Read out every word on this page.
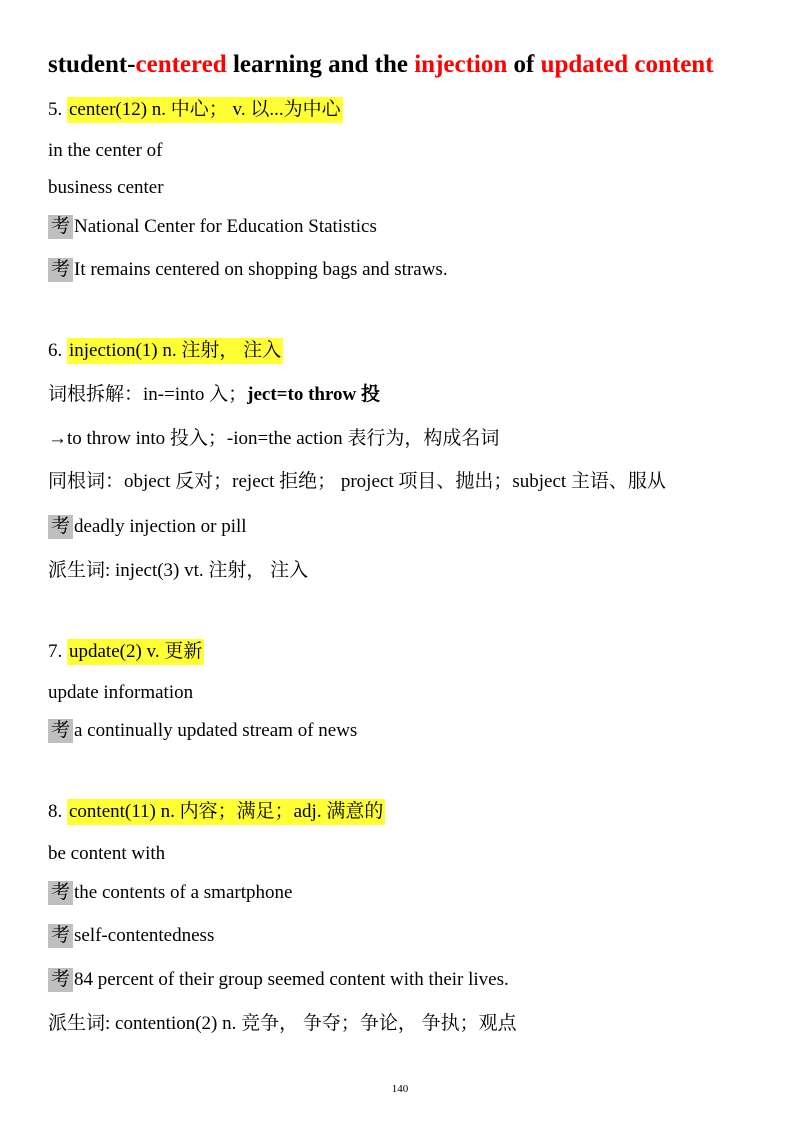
student-centered learning and the injection of updated content
5. center(12) n. 中心； v. 以...为中心
in the center of
business center
考 National Center for Education Statistics
考 It remains centered on shopping bags and straws.
6. injection(1) n. 注射， 注入
词根拆解：in-=into 入；ject=to throw 投
→to throw into 投入；-ion=the action 表行为，构成名词
同根词：object 反对；reject 拒绝； project 项目、抛出；subject 主语、服从
考 deadly injection or pill
派生词: inject(3) vt. 注射， 注入
7. update(2) v. 更新
update information
考 a continually updated stream of news
8. content(11) n. 内容；满足；adj. 满意的
be content with
考 the contents of a smartphone
考 self-contentedness
考 84 percent of their group seemed content with their lives.
派生词: contention(2) n. 竞争， 争夺；争论， 争执；观点
140
